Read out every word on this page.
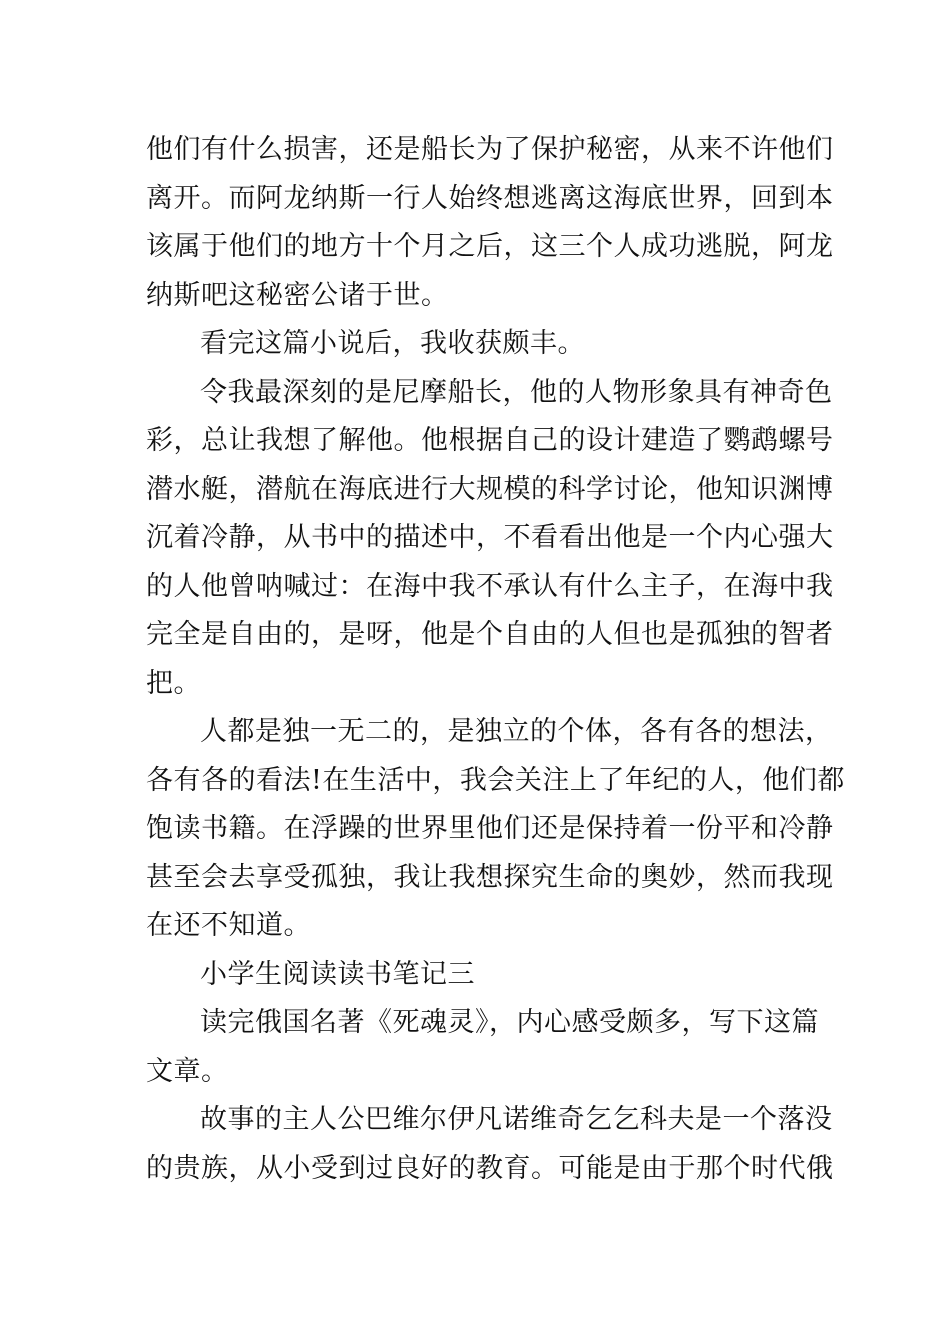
他们有什么损害，还是船长为了保护秘密，从来不许他们
离开。而阿龙纳斯一行人始终想逃离这海底世界，回到本
该属于他们的地方十个月之后，这三个人成功逃脱，阿龙
纳斯吧这秘密公诸于世。
看完这篇小说后，我收获颇丰。
令我最深刻的是尼摩船长，他的人物形象具有神奇色
彩，总让我想了解他。他根据自己的设计建造了鹦鹉螺号
潜水艇，潜航在海底进行大规模的科学讨论，他知识渊博
沉着冷静，从书中的描述中，不看看出他是一个内心强大
的人他曾呐喊过：在海中我不承认有什么主子，在海中我
完全是自由的，是呀，他是个自由的人但也是孤独的智者
把。
人都是独一无二的，是独立的个体，各有各的想法，
各有各的看法!在生活中，我会关注上了年纪的人，他们都
饱读书籍。在浮躁的世界里他们还是保持着一份平和冷静
甚至会去享受孤独，我让我想探究生命的奥妙，然而我现
在还不知道。
小学生阅读读书笔记三
读完俄国名著《死魂灵》，内心感受颇多，写下这篇
文章。
故事的主人公巴维尔伊凡诺维奇乞乞科夫是一个落没
的贵族，从小受到过良好的教育。可能是由于那个时代俄
